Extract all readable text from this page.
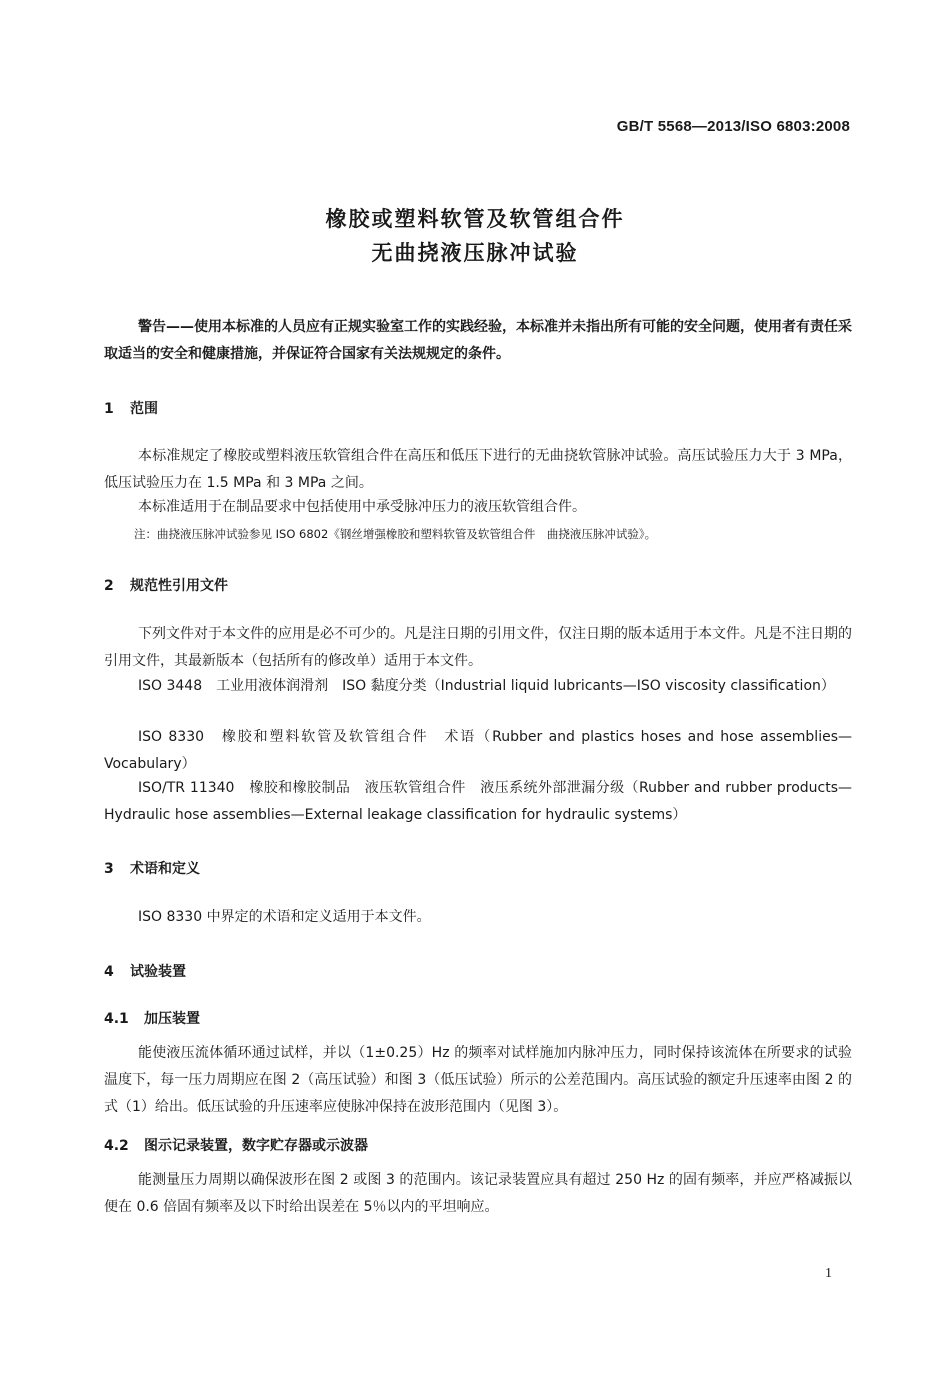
GB/T 5568—2013/ISO 6803:2008
橡胶或塑料软管及软管组合件
无曲挠液压脉冲试验
警告——使用本标准的人员应有正规实验室工作的实践经验，本标准并未指出所有可能的安全问题，使用者有责任采取适当的安全和健康措施，并保证符合国家有关法规规定的条件。
1 范围
本标准规定了橡胶或塑料液压软管组合件在高压和低压下进行的无曲挠软管脉冲试验。高压试验压力大于 3 MPa，低压试验压力在 1.5 MPa 和 3 MPa 之间。
本标准适用于在制品要求中包括使用中承受脉冲压力的液压软管组合件。
注：曲挠液压脉冲试验参见 ISO 6802《钢丝增强橡胶和塑料软管及软管组合件　曲挠液压脉冲试验》。
2 规范性引用文件
下列文件对于本文件的应用是必不可少的。凡是注日期的引用文件，仅注日期的版本适用于本文件。凡是不注日期的引用文件，其最新版本（包括所有的修改单）适用于本文件。
ISO 3448　工业用液体润滑剂　ISO 黏度分类（Industrial liquid lubricants—ISO viscosity classification）
ISO 8330　橡胶和塑料软管及软管组合件　术语（Rubber and plastics hoses and hose assemblies—Vocabulary）
ISO/TR 11340　橡胶和橡胶制品　液压软管组合件　液压系统外部泄漏分级（Rubber and rubber products—Hydraulic hose assemblies—External leakage classification for hydraulic systems）
3 术语和定义
ISO 8330 中界定的术语和定义适用于本文件。
4 试验装置
4.1 加压装置
能使液压流体循环通过试样，并以（1±0.25）Hz 的频率对试样施加内脉冲压力，同时保持该流体在所要求的试验温度下，每一压力周期应在图 2（高压试验）和图 3（低压试验）所示的公差范围内。高压试验的额定升压速率由图 2 的式（1）给出。低压试验的升压速率应使脉冲保持在波形范围内（见图 3）。
4.2 图示记录装置，数字贮存器或示波器
能测量压力周期以确保波形在图 2 或图 3 的范围内。该记录装置应具有超过 250 Hz 的固有频率，并应严格减振以便在 0.6 倍固有频率及以下时给出误差在 5％以内的平坦响应。
1
